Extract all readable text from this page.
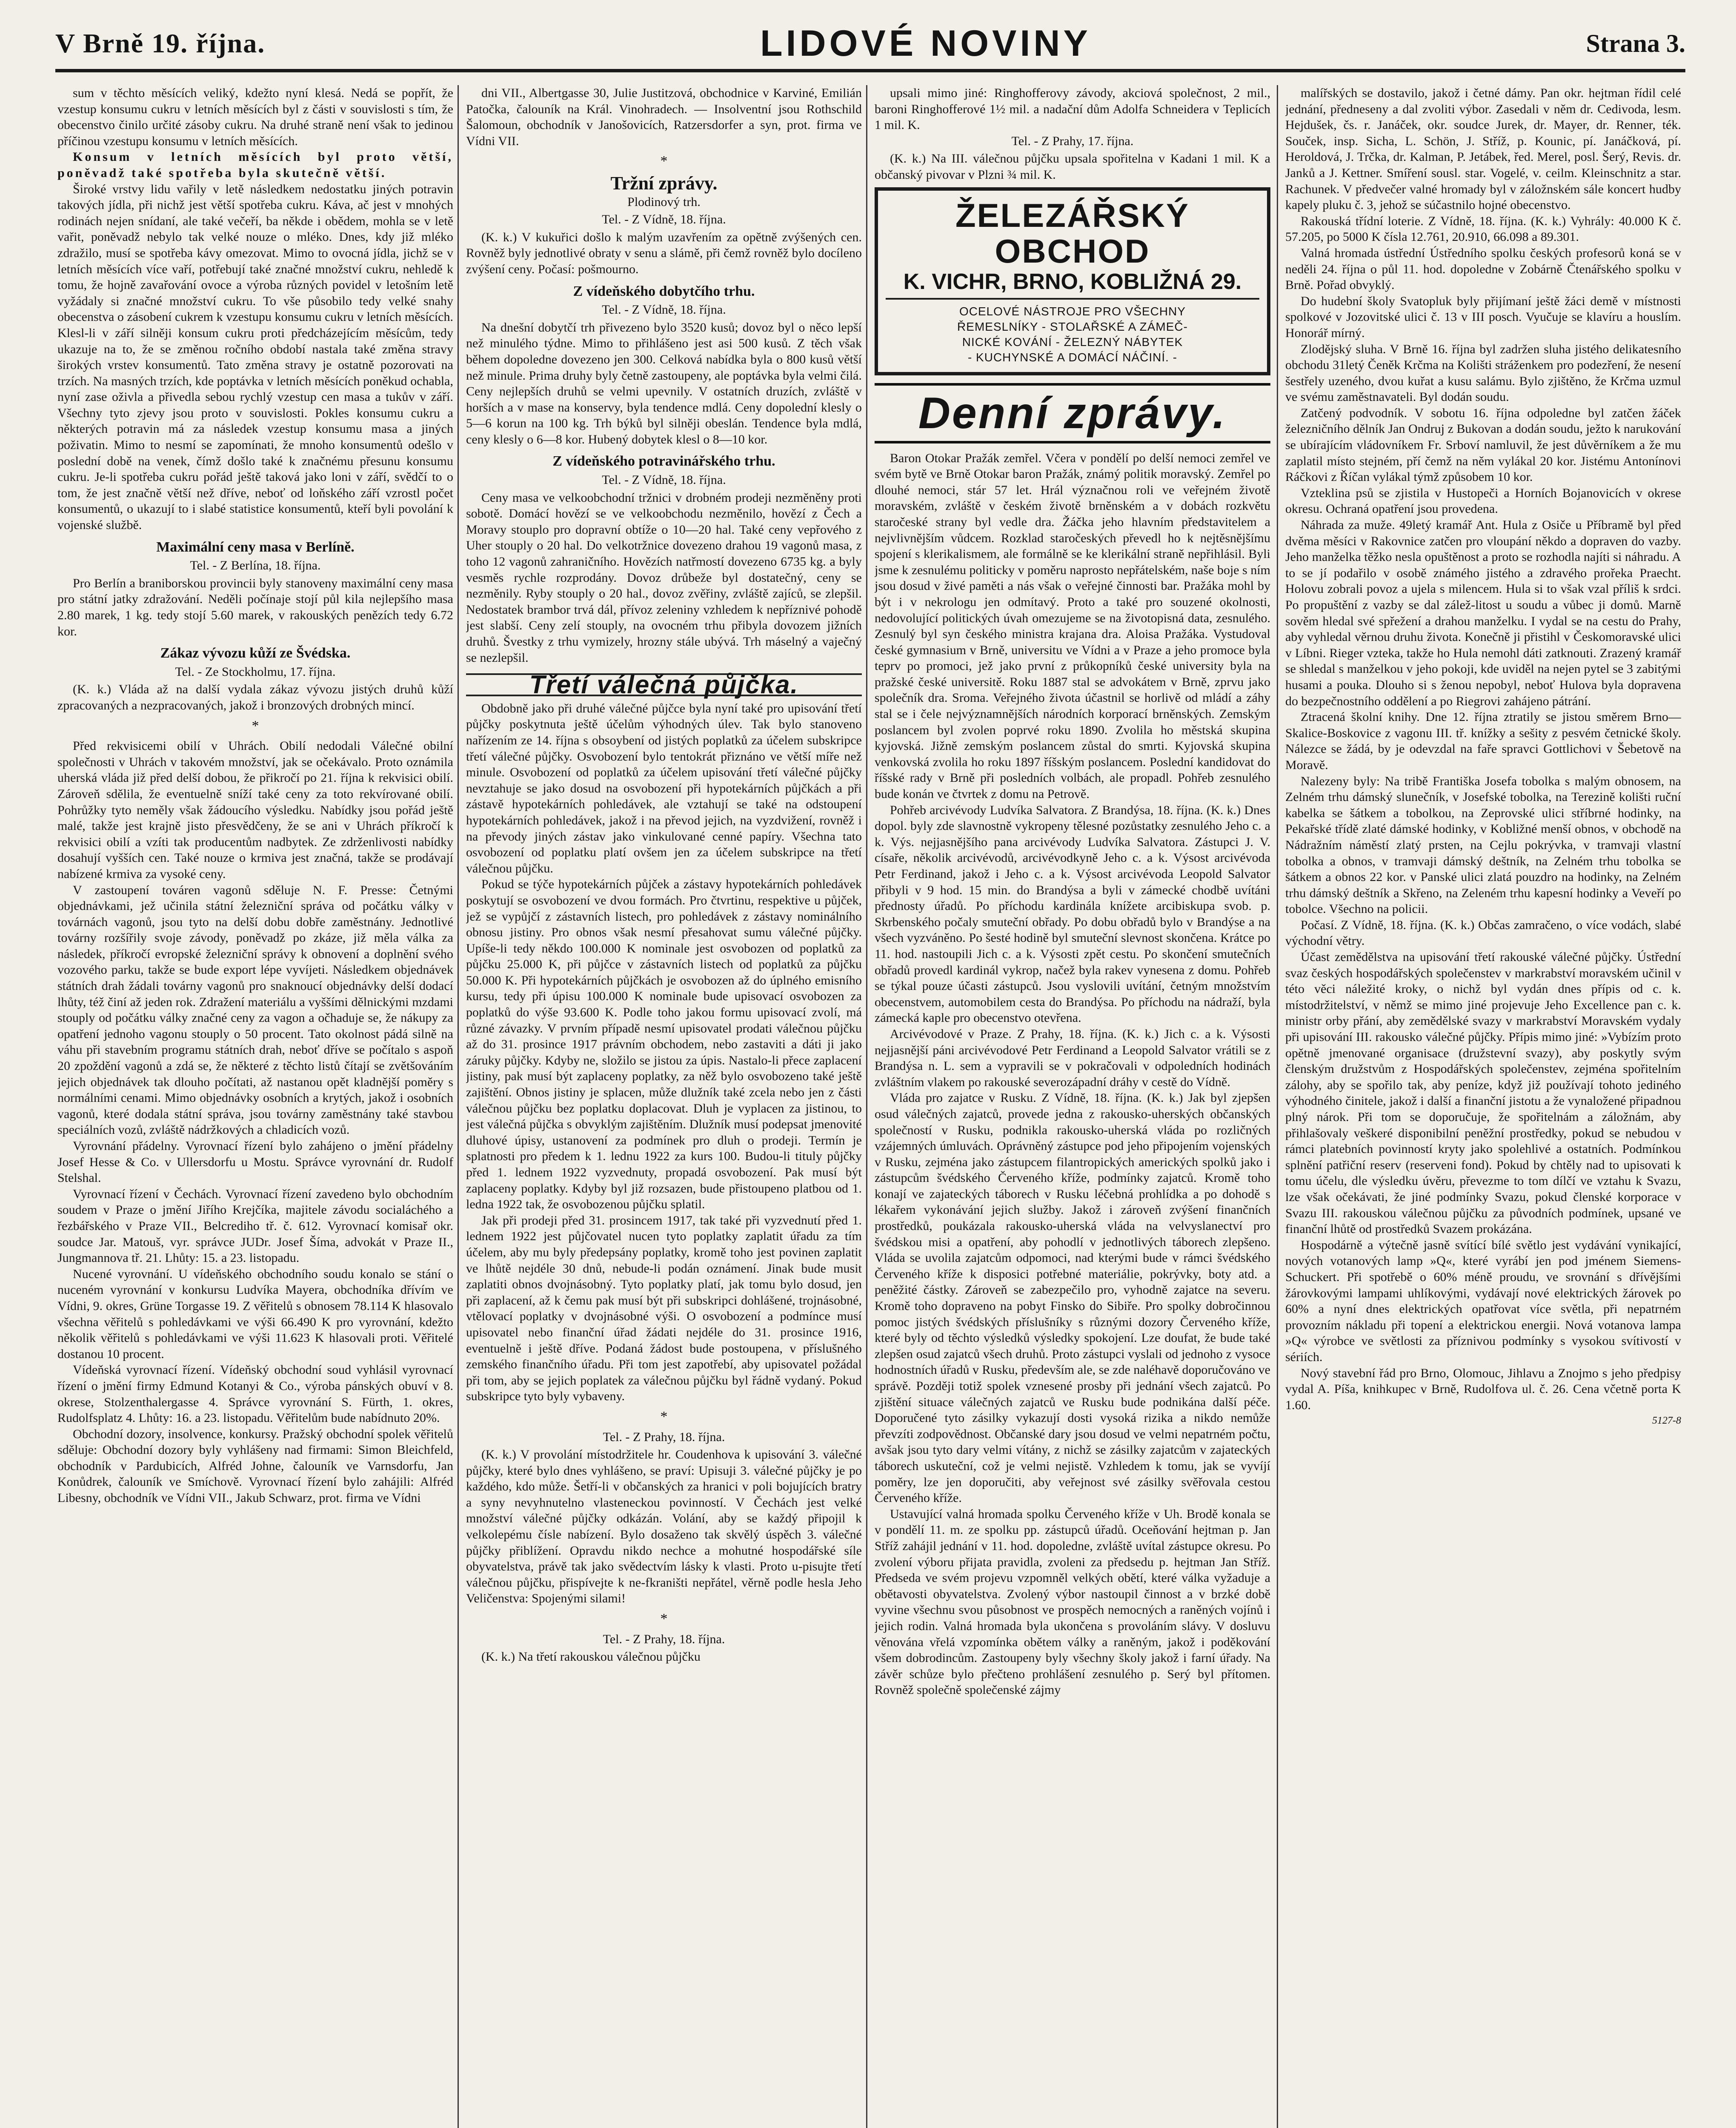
V Brně 19. října.	LIDOVÉ NOVINY	Strana 3.

sum v těchto měsících veliký, kdežto nyní klesá. Nedá se popřít, že vzestup konsumu cukru v letních měsících byl z části v souvislosti s tím, že obecenstvo činilo určité zásoby cukru. Na druhé straně není však to jedinou příčinou vzestupu konsumu v letních měsících.

Konsum v letních měsících byl proto větší, poněvadž také spotřeba byla skutečně větší.

Široké vrstvy lidu vařily v letě následkem nedostatku jiných potravin takových jídla, při nichž jest větší spotřeba cukru. Káva, ač jest v mnohých rodinách nejen snídaní, ale také večeří, ba někde i obědem, mohla se v letě vařit, poněvadž nebylo tak velké nouze o mléko. Dnes, kdy již mléko zdražilo, musí se spotřeba kávy omezovat. Mimo to ovocná jídla, jichž se v letních měsících více vaří, potřebují také značné množství cukru, nehledě k tomu, že hojně zavařování ovoce a výroba různých povidel v letošním letě vyžádaly si značné množství cukru. To vše působilo tedy velké snahy obecenstva o zásobení cukrem k vzestupu konsumu cukru v letních měsících. Klesl-li v září silněji konsum cukru proti předcházejícím měsícům, tedy ukazuje na to, že se změnou ročního období nastala také změna stravy širokých vrstev konsumentů. Tato změna stravy je ostatně pozorovati na trzích. Na masných trzích, kde poptávka v letních měsících poněkud ochabla, nyní zase oživla a přivedla sebou rychlý vzestup cen masa a tukův v září. Všechny tyto zjevy jsou proto v souvislosti. Pokles konsumu cukru a některých potravin má za následek vzestup konsumu masa a jiných poživatin. Mimo to nesmí se zapomínati, že mnoho konsumentů odešlo v poslední době na venek, čímž došlo také k značnému přesunu konsumu cukru. Je-li spotřeba cukru pořád ještě taková jako loni v září, svědčí to o tom, že jest značně větší než dříve, neboť od loňského září vzrostl počet konsumentů, o ukazují to i slabé statistice konsumentů, kteří byli povolání k vojenské službě.

Maximální ceny masa v Berlíně.
Tel. - Z Berlína, 18. října.

Pro Berlín a braniborskou provincii byly stanoveny maximální ceny masa pro státní jatky zdražování. Neděli počínaje stojí půl kila nejlepšího masa 2.80 marek, 1 kg. tedy stojí 5.60 marek, v rakouských penězích tedy 6.72 kor.

Zákaz vývozu kůží ze Švédska.
Tel. - Ze Stockholmu, 17. října.

(K. k.) Vláda až na další vydala zákaz vývozu jistých druhů kůží zpracovaných a nezpracovaných, jakož i bronzových drobných mincí.

*

Před rekvisicemi obilí v Uhrách. Obilí nedodali Válečné obilní společnosti v Uhrách v takovém množství, jak se očekávalo. Proto oznámila uherská vláda již před delší dobou, že přikročí po 21. října k rekvisici obilí. Zároveň sdělila, že eventuelně sníží také ceny za toto rekvírované obilí. Pohrůžky tyto neměly však žádoucího výsledku. Nabídky jsou pořád ještě malé, takže jest krajně jisto přesvědčeny, že se ani v Uhrách příkročí k rekvisici obilí a vzíti tak producentům nadbytek. Ze zdrženlivosti nabídky dosahují vyšších cen. Také nouze o krmiva jest značná, takže se prodávají nabízené krmiva za vysoké ceny.

V zastoupení továren vagonů sděluje N. F. Presse: Četnými objednávkami, jež učinila státní železniční správa od počátku války v továrnách vagonů, jsou tyto na delší dobu dobře zaměstnány. Jednotlivé továrny rozšířily svoje závody, poněvadž po zkáze, již měla válka za následek, příkročí evropské železniční správy k obnovení a doplnění svého vozového parku, takže se bude export lépe vyvíjeti. Následkem objednávek státních drah žádali továrny vagonů pro snaknoucí objednávky delší dodací lhůty, též činí až jeden rok. Zdražení materiálu a vyššími dělnickými mzdami stouply od počátku války značné ceny za vagon a očhaduje se, že nákupy za opatření jednoho vagonu stouply o 50 procent. Tato okolnost pádá silně na váhu při stavebním programu státních drah, neboť dříve se počítalo s aspoň 20 zpoždění vagonů a zdá se, že některé z těchto listů čítají se zvětšováním jejich objednávek tak dlouho počítati, až nastanou opět kladnější poměry s normálními cenami. Mimo objednávky osobních a krytých, jakož i osobních vagonů, které dodala státní správa, jsou továrny zaměstnány také stavbou speciálních vozů, zvláště nádržkových a chladicích vozů.

Vyrovnání přádelny. Vyrovnací řízení bylo zahájeno o jmění přádelny Josef Hesse & Co. v Ullersdorfu u Mostu. Správce vyrovnání dr. Rudolf Stelshal.

Vyrovnací řízení v Čechách. Vyrovnací řízení zavedeno bylo obchodním soudem v Praze o jmění Jiřího Krejčíka, majitele závodu socialáchého a řezbářského v Praze VII., Belcrediho tř. č. 612. Vyrovnací komisař okr. soudce Jar. Matouš, vyr. správce JUDr. Josef Šíma, advokát v Praze II., Jungmannova tř. 21. Lhůty: 15. a 23. listopadu.

Nucené vyrovnání. U vídeňského obchodního soudu konalo se stání o nuceném vyrovnání v konkursu Ludvíka Mayera, obchodníka dřívím ve Vídni, 9. okres, Grüne Torgasse 19. Z věřitelů s obnosem 78.114 K hlasovalo všechna věřitelů s pohledávkami ve výši 66.490 K pro vyrovnání, kdežto několik věřitelů s pohledávkami ve výši 11.623 K hlasovali proti. Věřitelé dostanou 10 procent.

Vídeňská vyrovnací řízení. Vídeňský obchodní soud vyhlásil vyrovnací řízení o jmění firmy Edmund Kotanyi & Co., výroba pánských obuví v 8. okrese, Stolzenthalergasse 4. Správce vyrovnání S. Fürth, 1. okres, Rudolfsplatz 4. Lhůty: 16. a 23. listopadu. Věřitelům bude nabídnuto 20%.

Obchodní dozory, insolvence, konkursy. Pražský obchodní spolek věřitelů sděluje: Obchodní dozory byly vyhlášeny nad firmami: Simon Bleichfeld, obchodník v Pardubicích, Alfréd Johne, čalouník ve Varnsdorfu, Jan Konůdrek, čalouník ve Smíchově. Vyrovnací řízení bylo zahájili: Alfréd Libesny, obchodník ve Vídni VII., Jakub Schwarz, prot. firma ve Vídni

dni VII., Albertgasse 30, Julie Justitzová, obchodnice v Karviné, Emilián Patočka, čalouník na Král. Vinohradech. — Insolventní jsou Rothschild Šalomoun, obchodník v Janošovicích, Ratzersdorfer a syn, prot. firma ve Vídni VII.

*
Tržní zprávy.
Plodinový trh.
Tel. - Z Vídně, 18. října.

(K. k.) V kukuřici došlo k malým uzavřením za opětně zvýšených cen. Rovněž byly jednotlivé obraty v senu a slámě, při čemž rovněž bylo docíleno zvýšení ceny. Počasí: pošmourno.

Z vídeňského dobytčího trhu.
Tel. - Z Vídně, 18. října.

Na dnešní dobytčí trh přivezeno bylo 3520 kusů; dovoz byl o něco lepší než minulého týdne. Mimo to přihlášeno jest asi 500 kusů. Z těch však během dopoledne dovezeno jen 300. Celková nabídka byla o 800 kusů větší než minule. Prima druhy byly četně zastoupeny, ale poptávka byla velmi čilá. Ceny nejlepších druhů se velmi upevnily. V ostatních druzích, zvláště v horších a v mase na konservy, byla tendence mdlá. Ceny dopolední klesly o 5—6 korun na 100 kg. Trh býků byl silněji obeslán. Tendence byla mdlá, ceny klesly o 6—8 kor. Hubený dobytek klesl o 8—10 kor.

Z vídeňského potravinářského trhu.
Tel. - Z Vídně, 18. října.

Ceny masa ve velkoobchodní tržnici v drobném prodeji nezměněny proti sobotě. Domácí hovězí se ve velkoobchodu nezměnilo, hovězí z Čech a Moravy stouplo pro dopravní obtíže o 10—20 hal. Také ceny vepřového z Uher stouply o 20 hal. Do velkotržnice dovezeno drahou 19 vagonů masa, z toho 12 vagonů zahraničního. Hovězích natřmostí dovezeno 6735 kg. a byly vesměs rychle rozprodány. Dovoz drůbeže byl dostatečný, ceny se nezměnily. Ryby stouply o 20 hal., dovoz zvěřiny, zvláště zajíců, se zlepšil. Nedostatek brambor trvá dál, přívoz zeleniny vzhledem k nepříznivé pohodě jest slabší. Ceny zelí stouply, na ovocném trhu přibyla dovozem jižních druhů. Švestky z trhu vymizely, hrozny stále ubývá. Trh máselný a vaječný se nezlepšil.

Třetí válečná půjčka.

Obdobně jako při druhé válečné půjčce byla nyní také pro upisování třetí půjčky poskytnuta ještě účelům výhodných úlev. Tak bylo stanoveno nařízením ze 14. října s obsoybení od jistých poplatků za účelem subskripce třetí válečné půjčky. Osvobození bylo tentokrát přiznáno ve větší míře než minule. Osvobození od poplatků za účelem upisování třetí válečné půjčky nevztahuje se jako dosud na osvobození při hypotekárních půjčkách a při zástavě hypotekárních pohledávek, ale vztahují se také na odstoupení hypotekárních pohledávek, jakož i na převod jejich, na vyzdvižení, rovněž i na převody jiných zástav jako vinkulované cenné papíry. Všechna tato osvobození od poplatku platí ovšem jen za účelem subskripce na třetí válečnou půjčku.

Pokud se týče hypotekárních půjček a zástavy hypotekárních pohledávek poskytují se osvobození ve dvou formách. Pro čtvrtinu, respektive u půjček, jež se vypůjčí z zástavních listech, pro pohledávek z zástavy nominálního obnosu jistiny. Pro obnos však nesmí přesahovat sumu válečné půjčky. Upíše-li tedy někdo 100.000 K nominale jest osvobozen od poplatků za půjčku 25.000 K, při půjčce v zástavních listech od poplatků za půjčku 50.000 K. Při hypotekárních půjčkách je osvobozen až do úplného emisního kursu, tedy při úpisu 100.000 K nominale bude upisovací osvobozen za poplatků do výše 93.600 K. Podle toho jakou formu upisovací zvolí, má různé závazky. V prvním případě nesmí upisovatel prodati válečnou půjčku až do 31. prosince 1917 právním obchodem, nebo zastaviti a dáti ji jako záruky půjčky. Kdyby ne, složilo se jistou za úpis. Nastalo-li přece zaplacení jistiny, pak musí být zaplaceny poplatky, za něž bylo osvobozeno také ještě zajištění. Obnos jistiny je splacen, může dlužník také zcela nebo jen z části válečnou půjčku bez poplatku doplacovat. Dluh je vyplacen za jistinou, to jest válečná půjčka s obvyklým zajištěním. Dlužník musí podepsat jmenovité dluhové úpisy, ustanovení za podmínek pro dluh o prodeji. Termín je splatnosti pro předem k 1. lednu 1922 za kurs 100. Budou-li tituly půjčky před 1. lednem 1922 vyzvednuty, propadá osvobození. Pak musí být zaplaceny poplatky. Kdyby byl již rozsazen, bude přistoupeno platbou od 1. ledna 1922 tak, že osvobozenou půjčku splatil.

Jak při prodeji před 31. prosincem 1917, tak také při vyzvednutí před 1. lednem 1922 jest půjčovatel nucen tyto poplatky zaplatit úřadu za tím účelem, aby mu byly předepsány poplatky, kromě toho jest povinen zaplatit ve lhůtě nejdéle 30 dnů, nebude-li podán oznámení. Jinak bude musit zaplatiti obnos dvojnásobný. Tyto poplatky platí, jak tomu bylo dosud, jen při zaplacení, až k čemu pak musí být při subskripci dohlášené, trojnásobné, vtělovací poplatky v dvojnásobné výši. O osvobození a podmínce musí upisovatel nebo finanční úřad žádati nejdéle do 31. prosince 1916, eventuelně i ještě dříve. Podaná žádost bude postoupena, v příslušného zemského finančního úřadu. Při tom jest zapotřebí, aby upisovatel požádal při tom, aby se jejich poplatek za válečnou půjčku byl řádně vydaný. Pokud subskripce tyto byly vybaveny.

*
Tel. - Z Prahy, 18. října.

(K. k.) V provolání místodržitele hr. Coudenhova k upisování 3. válečné půjčky, které bylo dnes vyhlášeno, se praví: Upisuji 3. válečné půjčky je po každého, kdo může. Šetří-li v občanských za hranici v poli bojujících bratry a syny nevyhnutelno vlasteneckou povinností. V Čechách jest velké množství válečné půjčky odkázán. Volání, aby se každý připojil k velkolepému čísle nabízení. Bylo dosaženo tak skvělý úspěch 3. válečné půjčky přiblížení. Opravdu nikdo nechce a mohutné hospodářské síle obyvatelstva, právě tak jako svědectvím lásky k vlasti. Proto u-pisujte třetí válečnou půjčku, přispívejte k ne-fkraništi nepřátel, věrně podle hesla Jeho Veličenstva: Spojenými silami!

*
Tel. - Z Prahy, 18. října.

(K. k.) Na třetí rakouskou válečnou půjčku

upsali mimo jiné: Ringhofferovy závody, akciová společnost, 2 mil., baroni Ringhofferové 1½ mil. a nadační dům Adolfa Schneidera v Teplicích 1 mil. K.

Tel. - Z Prahy, 17. října.

(K. k.) Na III. válečnou půjčku upsala spořitelna v Kadani 1 mil. K a občanský pivovar v Plzni ¾ mil. K.

ŽELEZÁŘSKÝ OBCHOD
K. VICHR, BRNO, KOBLIŽNÁ 29.
OCELOVÉ NÁSTROJE PRO VŠECHNY
ŘEMESLNÍKY - STOLAŘSKÉ A ZÁMEČ-
NICKÉ KOVÁNÍ - ŽELEZNÝ NÁBYTEK
- KUCHYNSKÉ A DOMÁCÍ NÁČINÍ. -
Denní zprávy.

Baron Otokar Pražák zemřel. Včera v pondělí po delší nemoci zemřel ve svém bytě ve Brně Otokar baron Pražák, známý politik moravský. Zemřel po dlouhé nemoci, stár 57 let. Hrál význačnou roli ve veřejném životě moravském, zvláště v českém životě brněnském a v dobách rozkvětu staročeské strany byl vedle dra. Žáčka jeho hlavním představitelem a nejvlivnějším vůdcem. Rozklad staročeských převedl ho k nejtěsnějšímu spojení s klerikalismem, ale formálně se ke klerikální straně nepřihlásil. Byli jsme k zesnulému politicky v poměru naprosto nepřátelském, naše boje s ním jsou dosud v živé paměti a nás však o veřejné činnosti bar. Pražáka mohl by být i v nekrologu jen odmítavý. Proto a také pro souzené okolnosti, nedovolující politických úvah omezujeme se na životopisná data, zesnulého. Zesnulý byl syn českého ministra krajana dra. Aloisa Pražáka. Vystudoval české gymnasium v Brně, universitu ve Vídni a v Praze a jeho promoce byla teprv po promoci, jež jako první z průkopníků české university byla na pražské české universitě. Roku 1887 stal se advokátem v Brně, zprvu jako společník dra. Sroma. Veřejného života účastnil se horlivě od mládí a záhy stal se i čele nejvýznamnějších národních korporací brněnských. Zemským poslancem byl zvolen poprvé roku 1890. Zvolila ho městská skupina kyjovská. Jižně zemským poslancem zůstal do smrti. Kyjovská skupina venkovská zvolila ho roku 1897 říšským poslancem. Poslední kandidovat do říšské rady v Brně při posledních volbách, ale propadl. Pohřeb zesnulého bude konán ve čtvrtek z domu na Petrově.

Pohřeb arcivévody Ludvíka Salvatora. Z Brandýsa, 18. října. (K. k.) Dnes dopol. byly zde slavnostně vykropeny tělesné pozůstatky zesnulého Jeho c. a k. Výs. nejjasnějšího pana arcivévody Ludvíka Salvatora. Zástupci J. V. císaře, několik arcivévodů, arcivévodkyně Jeho c. a k. Výsost arcivévoda Petr Ferdinand, jakož i Jeho c. a k. Výsost arcivévoda Leopold Salvator přibyli v 9 hod. 15 min. do Brandýsa a byli v zámecké chodbě uvítáni přednosty úřadů. Po příchodu kardinála knížete arcibiskupa svob. p. Skrbenského počaly smuteční obřady. Po dobu obřadů bylo v Brandýse a na všech vyzváněno. Po šesté hodině byl smuteční slevnost skončena. Krátce po 11. hod. nastoupili Jich c. a k. Výsosti zpět cestu. Po skončení smutečních obřadů provedl kardinál vykrop, načež byla rakev vynesena z domu. Pohřeb se týkal pouze účasti zástupců. Jsou vyslovili uvítání, četným množstvím obecenstvem, automobilem cesta do Brandýsa. Po příchodu na nádraží, byla zámecká kaple pro obecenstvo otevřena.

Arcivévodové v Praze. Z Prahy, 18. října. (K. k.) Jich c. a k. Výsosti nejjasnější páni arcivévodové Petr Ferdinand a Leopold Salvator vrátili se z Brandýsa n. L. sem a vypravili se v pokračovali v odpoledních hodinách zvláštním vlakem po rakouské severozápadní dráhy v cestě do Vídně.

Vláda pro zajatce v Rusku. Z Vídně, 18. října. (K. k.) Jak byl zjepšen osud válečných zajatců, provede jedna z rakousko-uherských občanských společností v Rusku, podnikla rakousko-uherská vláda po rozličných vzájemných úmluvách. Oprávněný zástupce pod jeho připojením vojenských v Rusku, zejména jako zástupcem filantropických amerických spolků jako i zástupcům švédského Červeného kříže, podmínky zajatců. Kromě toho konají ve zajateckých táborech v Rusku léčebná prohlídka a po dohodě s lékařem vykonávání jejich služby. Jakož i zároveň zvýšení finančních prostředků, poukázala rakousko-uherská vláda na velvyslanectví pro švédskou misi a opatření, aby pohodlí v jednotlivých táborech zlepšeno. Vláda se uvolila zajatcům odpomoci, nad kterými bude v rámci švédského Červeného kříže k disposici potřebné materiálie, pokrývky, boty atd. a peněžité částky. Zároveň se zabezpečilo pro, vyhodně zajatce na severu. Kromě toho dopraveno na pobyt Finsko do Sibiře. Pro spolky dobročinnou pomoc jistých švédských příslušníky s různými dozory Červeného kříže, které byly od těchto výsledků výsledky spokojení. Lze doufat, že bude také zlepšen osud zajatců všech druhů. Proto zástupci vyslali od jednoho z vysoce hodnostních úřadů v Rusku, především ale, se zde naléhavě doporučováno ve správě. Později totiž spolek vznesené prosby při jednání všech zajatců. Po zjištění situace válečných zajatců ve Rusku bude podnikána další péče. Doporučené tyto zásilky vykazují dosti vysoká rizika a nikdo nemůže převzíti zodpovědnost. Občanské dary jsou dosud ve velmi nepatrném počtu, avšak jsou tyto dary velmi vítány, z nichž se zásilky zajatcům v zajateckých táborech uskuteční, což je velmi nejistě. Vzhledem k tomu, jak se vyvíjí poměry, lze jen doporučiti, aby veřejnost své zásilky svěřovala cestou Červeného kříže.

Ustavující valná hromada spolku Červeného kříže v Uh. Brodě konala se v pondělí 11. m. ze spolku pp. zástupců úřadů. Oceňování hejtman p. Jan Stříž zahájil jednání v 11. hod. dopoledne, zvláště uvítal zástupce okresu. Po zvolení výboru přijata pravidla, zvoleni za předsedu p. hejtman Jan Stříž. Předseda ve svém projevu vzpomněl velkých obětí, které válka vyžaduje a obětavosti obyvatelstva. Zvolený výbor nastoupil činnost a v brzké době vyvine všechnu svou působnost ve prospěch nemocných a raněných vojínů i jejich rodin. Valná hromada byla ukončena s provoláním slávy. V dosluvu věnována vřelá vzpomínka obětem války a raněným, jakož i poděkování všem dobrodincům. Zastoupeny byly všechny školy jakož i farní úřady. Na závěr schůze bylo přečteno prohlášení zesnulého p. Serý byl přítomen. Rovněž společně společenské zájmy

malířských se dostavilo, jakož i četné dámy. Pan okr. hejtman řídil celé jednání, předneseny a dal zvoliti výbor. Zasedali v něm dr. Cedivoda, lesm. Hejdušek, čs. r. Janáček, okr. soudce Jurek, dr. Mayer, dr. Renner, ték. Souček, insp. Sicha, L. Schön, J. Stříž, p. Kounic, pí. Janáčková, pí. Heroldová, J. Trčka, dr. Kalman, P. Jetábek, řed. Merel, posl. Šerý, Revis. dr. Janků a J. Kettner. Smíření sousl. star. Vogelé, v. ceilm. Kleinschnitz a star. Rachunek. V předvečer valné hromady byl v záložnském sále koncert hudby kapely pluku č. 3, jehož se súčastnilo hojné obecenstvo.

Rakouská třídní loterie. Z Vídně, 18. října. (K. k.) Vyhrály: 40.000 K č. 57.205, po 5000 K čísla 12.761, 20.910, 66.098 a 89.301.

Valná hromada ústřední Ústředního spolku českých profesorů koná se v neděli 24. října o půl 11. hod. dopoledne v Zobárně Čtenářského spolku v Brně. Pořad obvyklý.

Do hudební školy Svatopluk byly přijímaní ještě žáci demě v místnosti spolkové v Jozovitské ulici č. 13 v III posch. Vyučuje se klavíru a houslím. Honorář mírný.

Zlodějský sluha. V Brně 16. října byl zadržen sluha jistého delikatesního obchodu 31letý Čeněk Krčma na Kolišti stráženkem pro podezření, že nesení šestřely uzeného, dvou kuřat a kusu salámu. Bylo zjištěno, že Krčma uzmul ve svému zaměstnavateli. Byl dodán soudu.

Zatčený podvodník. V sobotu 16. října odpoledne byl zatčen žáček železničního dělník Jan Ondruj z Bukovan a dodán soudu, ježto k narukování se ubírajícím vládovníkem Fr. Srboví namluvil, že jest důvěrníkem a že mu zaplatil místo stejném, pří čemž na něm vylákal 20 kor. Jistému Antonínovi Ráčkovi z Říčan vylákal týmž způsobem 10 kor.

Vzteklina psů se zjistila v Hustopeči a Horních Bojanovicích v okrese okresu. Ochraná opatření jsou provedena.

Náhrada za muže. 49letý kramář Ant. Hula z Osiče u Příbramě byl před dvěma měsíci v Rakovnice zatčen pro vloupání někdo a dopraven do vazby. Jeho manželka těžko nesla opuštěnost a proto se rozhodla najíti si náhradu. A to se jí podařilo v osobě známého jistého a zdravého prořeka Praecht. Holovu zobrali povoz a ujela s milencem. Hula si to však vzal příliš k srdci. Po propuštění z vazby se dal zálež-litost u soudu a vůbec ji domů. Marně sověm hledal své spřežení a drahou manželku. I vydal se na cestu do Prahy, aby vyhledal věrnou druhu života. Konečně ji přistihl v Českomoravské ulici v Líbni. Rieger vzteka, takže ho Hula nemohl dáti zatknouti. Zrazený kramář se shledal s manželkou v jeho pokoji, kde uviděl na nejen pytel se 3 zabitými husami a pouka. Dlouho si s ženou nepobyl, neboť Hulova byla dopravena do bezpečnostního oddělení a po Riegrovi zahájeno pátrání.

Ztracená školní knihy. Dne 12. října ztratily se jistou směrem Brno—Skalice-Boskovice z vagonu III. tř. knížky a sešity z pesvém četnické školy. Nálezce se žádá, by je odevzdal na faře spravci Gottlichovi v Šebetově na Moravě.

Nalezeny byly: Na tribě Františka Josefa tobolka s malým obnosem, na Zelném trhu dámský slunečník, v Josefské tobolka, na Terezině kolišti ruční kabelka se šátkem a tobolkou, na Zeprovské ulici stříbrné hodinky, na Pekařské třídě zlaté dámské hodinky, v Kobližné menší obnos, v obchodě na Nádražním náměstí zlatý prsten, na Cejlu pokrývka, v tramvaji vlastní tobolka a obnos, v tramvaji dámský deštník, na Zelném trhu tobolka se šátkem a obnos 22 kor. v Panské ulici zlatá pouzdro na hodinky, na Zelném trhu dámský deštník a Skřeno, na Zeleném trhu kapesní hodinky a Veveří po tobolce. Všechno na policii.

Počasí. Z Vídně, 18. října. (K. k.) Občas zamračeno, o více vodách, slabé východní větry.

Účast zemědělstva na upisování třetí rakouské válečné půjčky. Ústřední svaz českých hospodářských společenstev v markrabství moravském učinil v této věci náležité kroky, o nichž byl vydán dnes přípis od c. k. místodržitelství, v němž se mimo jiné projevuje Jeho Excellence pan c. k. ministr orby přání, aby zemědělské svazy v markrabství Moravském vydaly při upisování III. rakousko válečné půjčky. Přípis mimo jiné: »Vybízím proto opětně jmenované organisace (družstevní svazy), aby poskytly svým členským družstvům z Hospodářských společenstev, zejména spořitelním zálohy, aby se spořilo tak, aby peníze, když již používají tohoto jediného výhodného činitele, jakož i další a finanční jistotu a že vynaložené připadnou plný nárok. Při tom se doporučuje, že spořitelnám a záložnám, aby přihlašovaly veškeré disponibilní peněžní prostředky, pokud se nebudou v rámci platebních povinností kryty jako spolehlivé a ostatních. Podmínkou splnění patřiční reserv (reserveni fond). Pokud by chtěly nad to upisovati k tomu účelu, dle výsledku úvěru, převezme to tom dílčí ve vztahu k Svazu, lze však očekávati, že jiné podmínky Svazu, pokud členské korporace v Svazu III. rakouskou válečnou půjčku za původních podmínek, upsané ve finanční lhůtě od prostředků Svazem prokázána.

Hospodárně a výtečně jasně svítící bílé světlo jest vydávání vynikající, nových votanových lamp »Q«, které vyrábí jen pod jménem Siemens-Schuckert. Při spotřebě o 60% méně proudu, ve srovnání s dřívějšími žárovkovými lampami uhlíkovými, vydávají nové elektrických žárovek po 60% a nyní dnes elektrických opatřovat více světla, při nepatrném provozním nákladu při topení a elektrickou energii. Nová votanova lampa »Q« výrobce ve světlosti za příznivou podmínky s vysokou svítivostí v sériích.

Nový stavební řád pro Brno, Olomouc, Jihlavu a Znojmo s jeho předpisy vydal A. Píša, knihkupec v Brně, Rudolfova ul. č. 26. Cena včetně porta K 1.60.

5127-8
